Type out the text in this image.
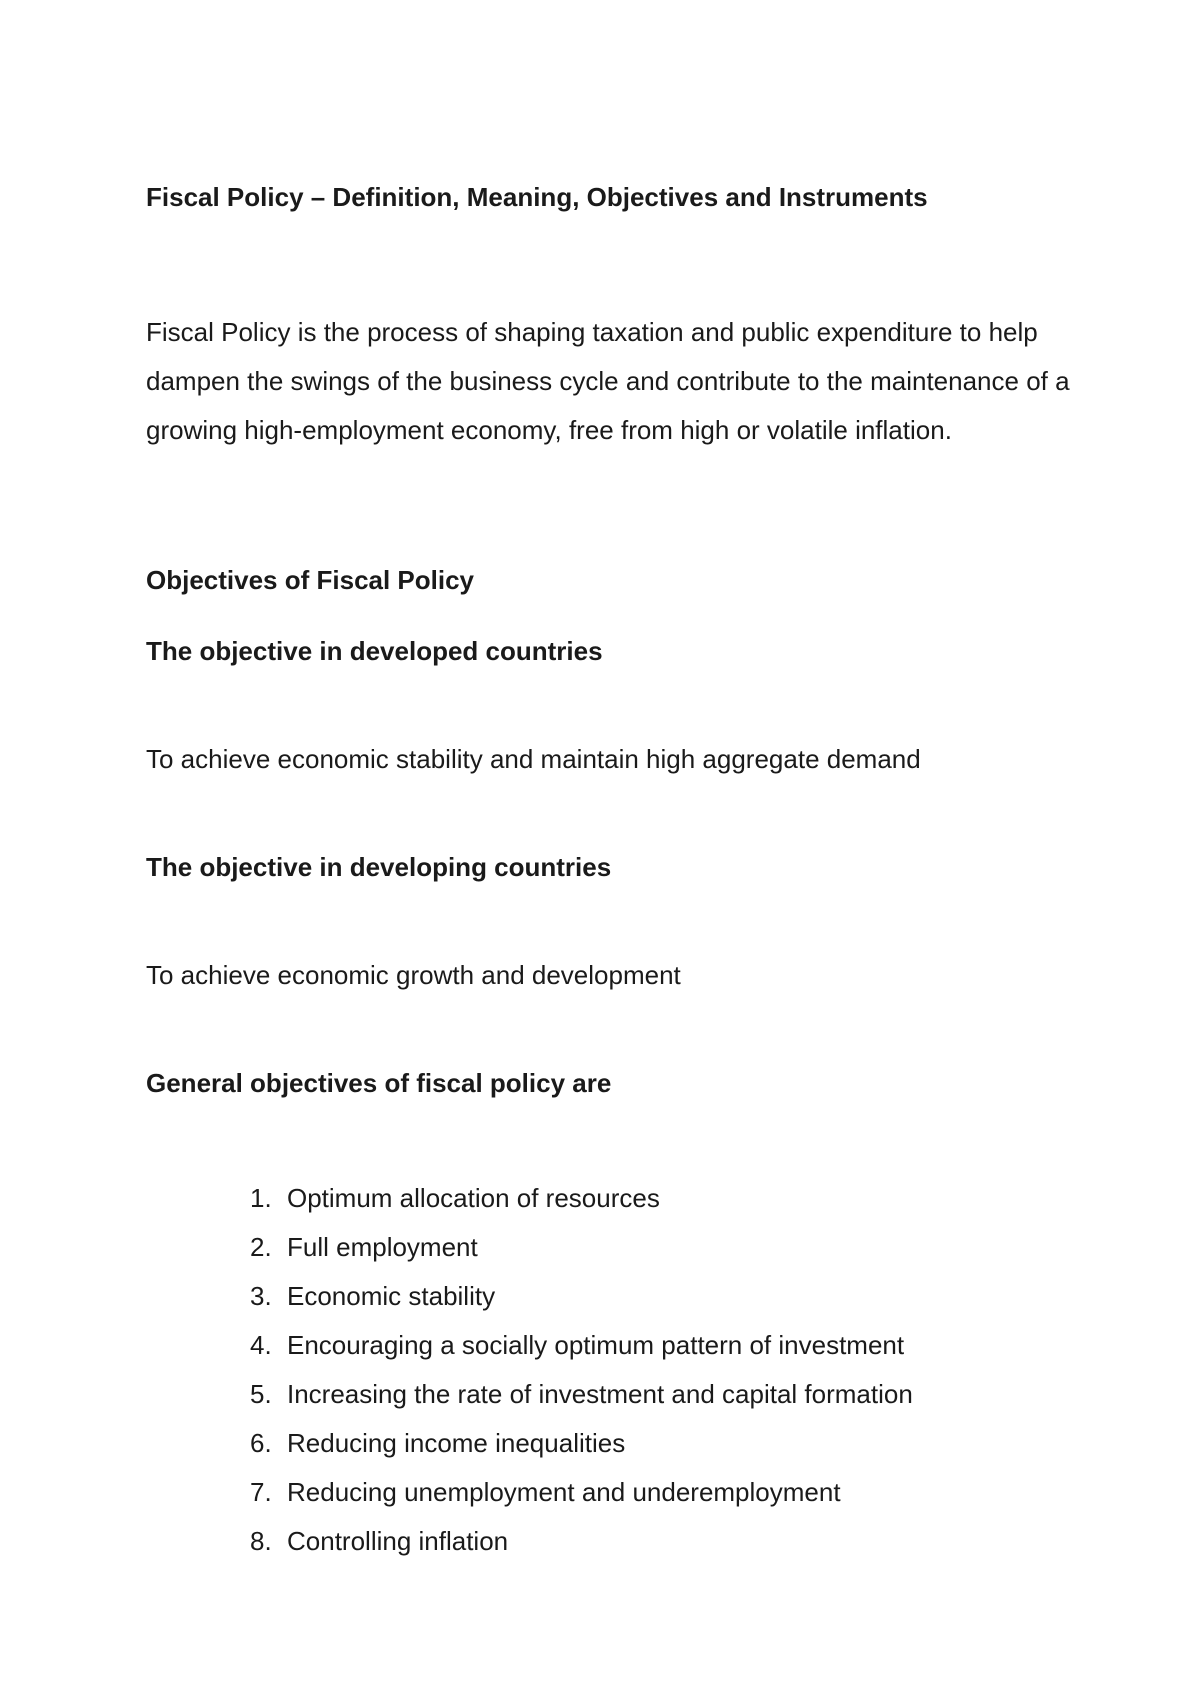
Fiscal Policy – Definition, Meaning, Objectives and Instruments

Fiscal Policy is the process of shaping taxation and public expenditure to help dampen the swings of the business cycle and contribute to the maintenance of a growing high-employment economy, free from high or volatile inflation.

Objectives of Fiscal Policy
The objective in developed countries

To achieve economic stability and maintain high aggregate demand

The objective in developing countries

To achieve economic growth and development

General objectives of fiscal policy are
1. Optimum allocation of resources
2. Full employment
3. Economic stability
4. Encouraging a socially optimum pattern of investment
5. Increasing the rate of investment and capital formation
6. Reducing income inequalities
7. Reducing unemployment and underemployment
8. Controlling inflation
